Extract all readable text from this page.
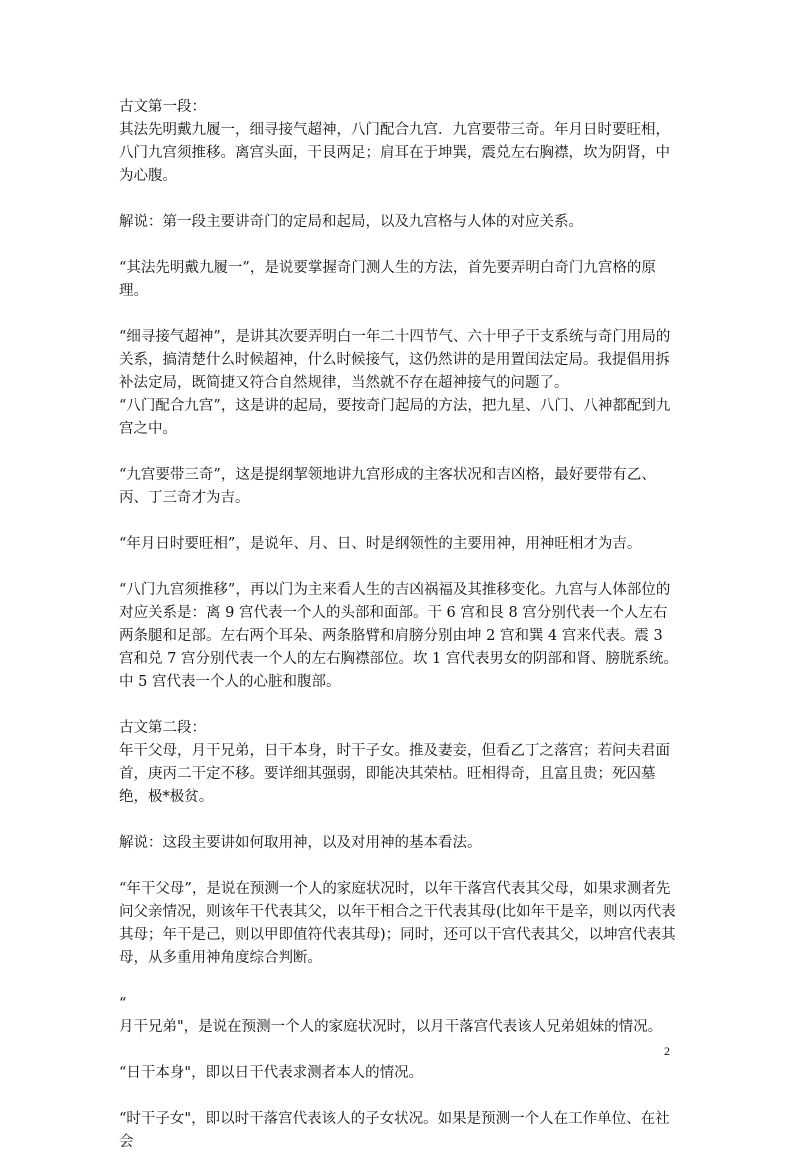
古文第一段：

其法先明戴九履一，细寻接气超神，八门配合九宫．九宫要带三奇。年月日时要旺相，八门九宫须推移。离宫头面，干艮两足；肩耳在于坤巽，震兑左右胸襟，坎为阴肾，中为心腹。

解说：第一段主要讲奇门的定局和起局，以及九宫格与人体的对应关系。

“其法先明戴九履一”，是说要掌握奇门测人生的方法，首先要弄明白奇门九宫格的原理。

“细寻接气超神”，是讲其次要弄明白一年二十四节气、六十甲子干支系统与奇门用局的关系，搞清楚什么时候超神，什么时候接气，这仍然讲的是用置闰法定局。我提倡用拆补法定局，既简捷又符合自然规律，当然就不存在超神接气的问题了。

“八门配合九宫”，这是讲的起局，要按奇门起局的方法，把九星、八门、八神都配到九宫之中。

“九宫要带三奇”，这是提纲挈领地讲九宫形成的主客状况和吉凶格，最好要带有乙、丙、丁三奇才为吉。

“年月日时要旺相”，是说年、月、日、时是纲领性的主要用神，用神旺相才为吉。

“八门九宫须推移”，再以门为主来看人生的吉凶祸福及其推移变化。九宫与人体部位的对应关系是：离 9 宫代表一个人的头部和面部。干 6 宫和艮 8 宫分别代表一个人左右两条腿和足部。左右两个耳朵、两条胳臂和肩膀分别由坤 2 宫和巽 4 宫来代表。震 3 宫和兑 7 宫分别代表一个人的左右胸襟部位。坎 1 宫代表男女的阴部和肾、膀胱系统。中 5 宫代表一个人的心脏和腹部。

古文第二段：

年干父母，月干兄弟，日干本身，时干子女。推及妻妾，但看乙丁之落宫；若问夫君面首，庚丙二干定不移。要详细其强弱，即能决其荣枯。旺相得奇，且富且贵；死囚墓绝，极*极贫。

解说：这段主要讲如何取用神，以及对用神的基本看法。

“年干父母”，是说在预测一个人的家庭状况时，以年干落宫代表其父母，如果求测者先问父亲情况，则该年干代表其父，以年干相合之干代表其母(比如年干是辛，则以丙代表其母；年干是己，则以甲即值符代表其母)；同时，还可以干宫代表其父，以坤宫代表其母，从多重用神角度综合判断。

“

月干兄弟"，是说在预测一个人的家庭状况时，以月干落宫代表该人兄弟姐妹的情况。

“日干本身"，即以日干代表求测者本人的情况。

“时干子女"，即以时干落宫代表该人的子女状况。如果是预测一个人在工作单位、在社会

2
